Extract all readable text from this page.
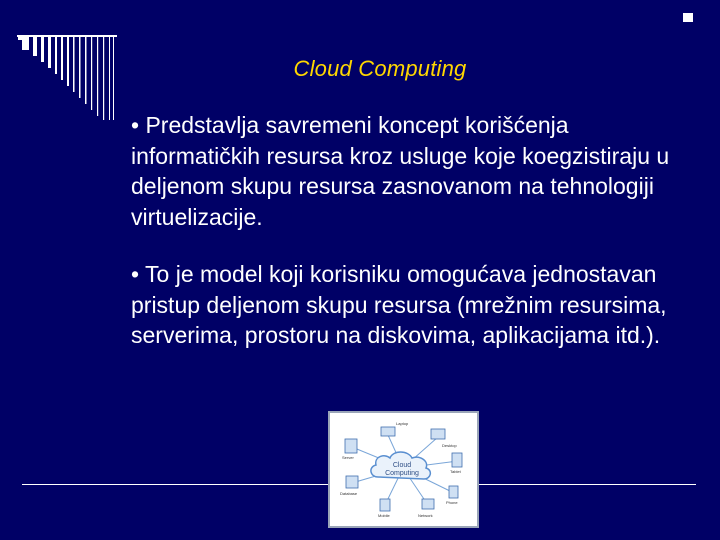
Cloud Computing
• Predstavlja savremeni koncept korišćenja informatičkih resursa kroz usluge koje koegzistiraju u deljenom skupu resursa zasnovanom na tehnologiji virtuelizacije.
• To je model koji korisniku omogućava jednostavan pristup deljenom skupu resursa (mrežnim resursima, serverima, prostoru na diskovima, aplikacijama itd.).
Cloud
Computing
Laptop
Server
Desktop
Mobile
Tablet
Database
Phone
Network
